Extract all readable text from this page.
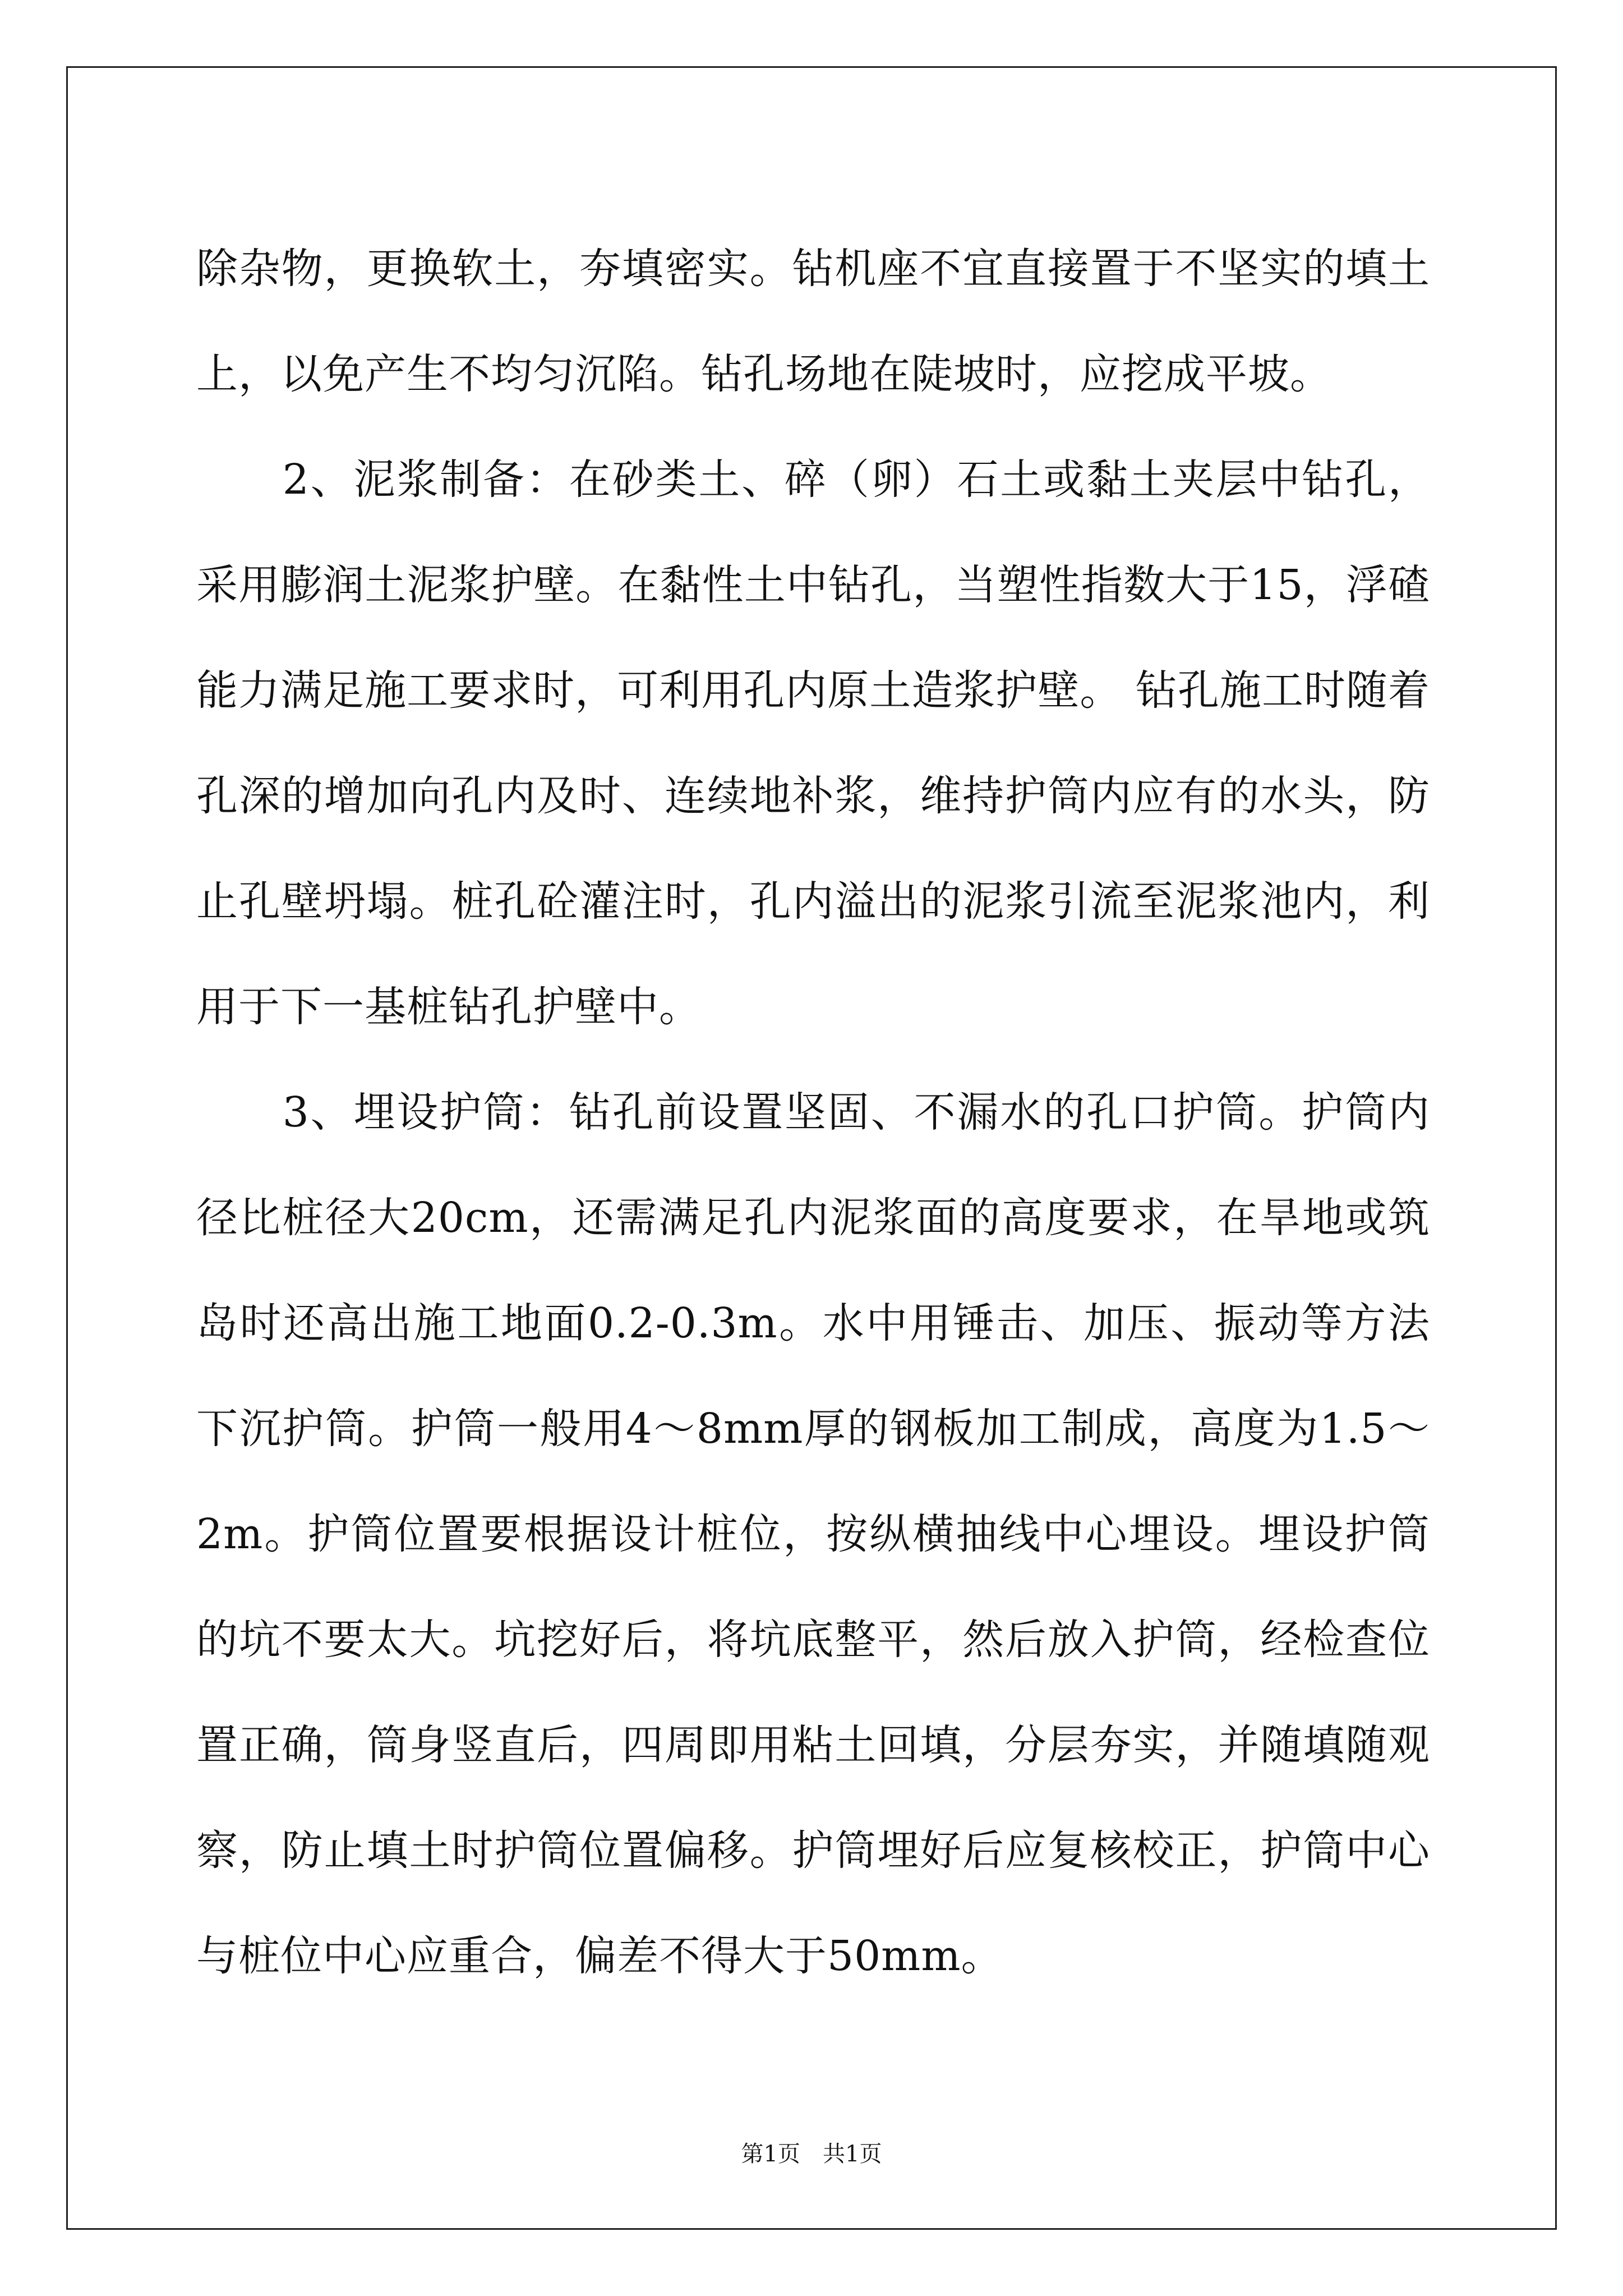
除杂物，更换软土，夯填密实。钻机座不宜直接置于不坚实的填土上，以免产生不均匀沉陷。钻孔场地在陡坡时，应挖成平坡。

　　2、泥浆制备：在砂类土、碎（卵）石土或黏土夹层中钻孔，采用膨润土泥浆护壁。在黏性土中钻孔，当塑性指数大于15，浮碴能力满足施工要求时，可利用孔内原土造浆护壁。 钻孔施工时随着孔深的增加向孔内及时、连续地补浆，维持护筒内应有的水头，防止孔壁坍塌。桩孔砼灌注时，孔内溢出的泥浆引流至泥浆池内，利用于下一基桩钻孔护壁中。

　　3、埋设护筒：钻孔前设置坚固、不漏水的孔口护筒。护筒内径比桩径大20cm，还需满足孔内泥浆面的高度要求，在旱地或筑岛时还高出施工地面0.2-0.3m。水中用锤击、加压、振动等方法下沉护筒。护筒一般用4～8mm厚的钢板加工制成，高度为1.5～2m。护筒位置要根据设计桩位，按纵横抽线中心埋设。埋设护筒的坑不要太大。坑挖好后，将坑底整平，然后放入护筒，经检查位置正确，筒身竖直后，四周即用粘土回填，分层夯实，并随填随观察，防止填土时护筒位置偏移。护筒埋好后应复核校正，护筒中心与桩位中心应重合，偏差不得大于50mm。

第1页　共1页
